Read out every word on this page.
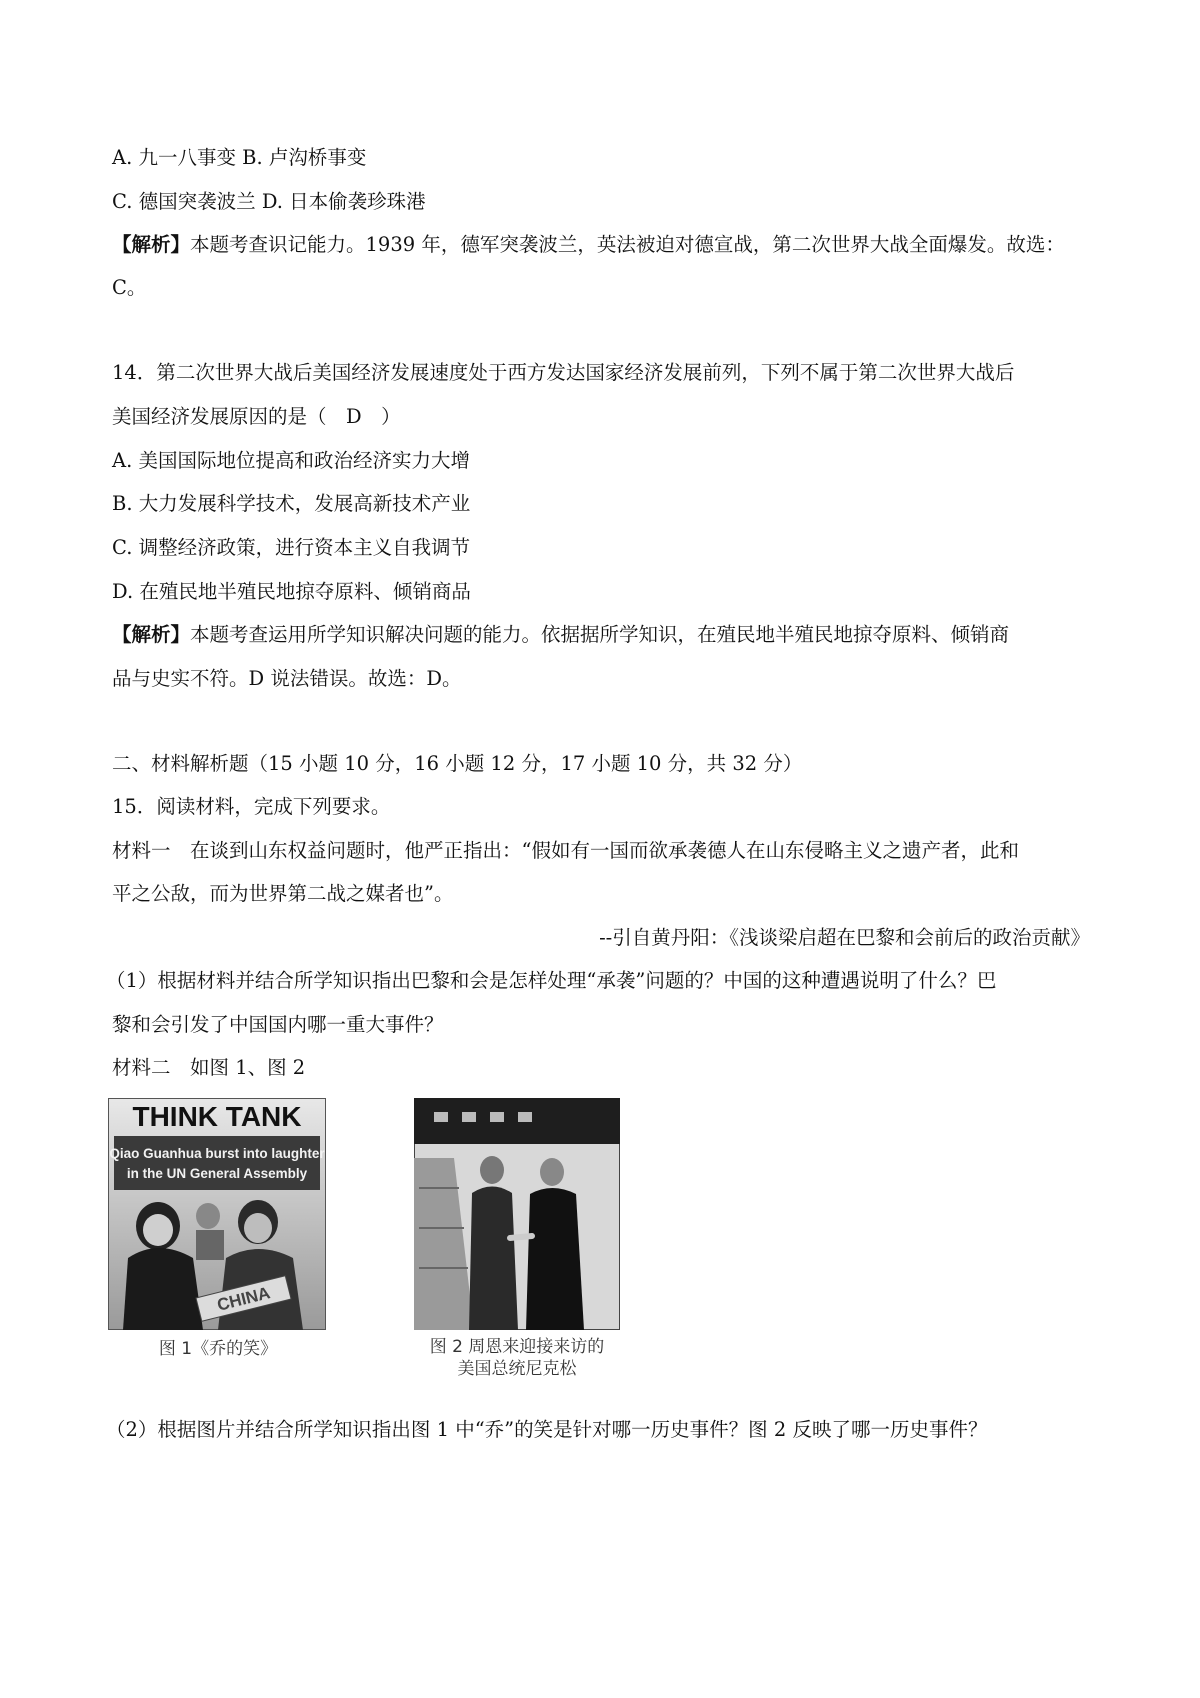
A. 九一八事变 B. 卢沟桥事变
C. 德国突袭波兰 D. 日本偷袭珍珠港
【解析】本题考查识记能力。1939 年，德军突袭波兰，英法被迫对德宣战，第二次世界大战全面爆发。故选：
C。
14．第二次世界大战后美国经济发展速度处于西方发达国家经济发展前列，下列不属于第二次世界大战后
美国经济发展原因的是（　D　）
A. 美国国际地位提高和政治经济实力大增
B. 大力发展科学技术，发展高新技术产业
C. 调整经济政策，进行资本主义自我调节
D. 在殖民地半殖民地掠夺原料、倾销商品
【解析】本题考查运用所学知识解决问题的能力。依据据所学知识，在殖民地半殖民地掠夺原料、倾销商
品与史实不符。D 说法错误。故选：D。
二、材料解析题（15 小题 10 分，16 小题 12 分，17 小题 10 分，共 32 分）
15．阅读材料，完成下列要求。
材料一　在谈到山东权益问题时，他严正指出：“假如有一国而欲承袭德人在山东侵略主义之遗产者，此和
平之公敌，而为世界第二战之媒者也”。
--引自黄丹阳：《浅谈梁启超在巴黎和会前后的政治贡献》
（1）根据材料并结合所学知识指出巴黎和会是怎样处理“承袭”问题的？中国的这种遭遇说明了什么？巴
黎和会引发了中国国内哪一重大事件？
材料二　如图 1、图 2
THINK TANK
Qiao Guanhua burst into laughter
in the UN General Assembly
CHINA
图 1《乔的笑》	图 2 周恩来迎接来访的
美国总统尼克松
（2）根据图片并结合所学知识指出图 1 中“乔”的笑是针对哪一历史事件？图 2 反映了哪一历史事件？
